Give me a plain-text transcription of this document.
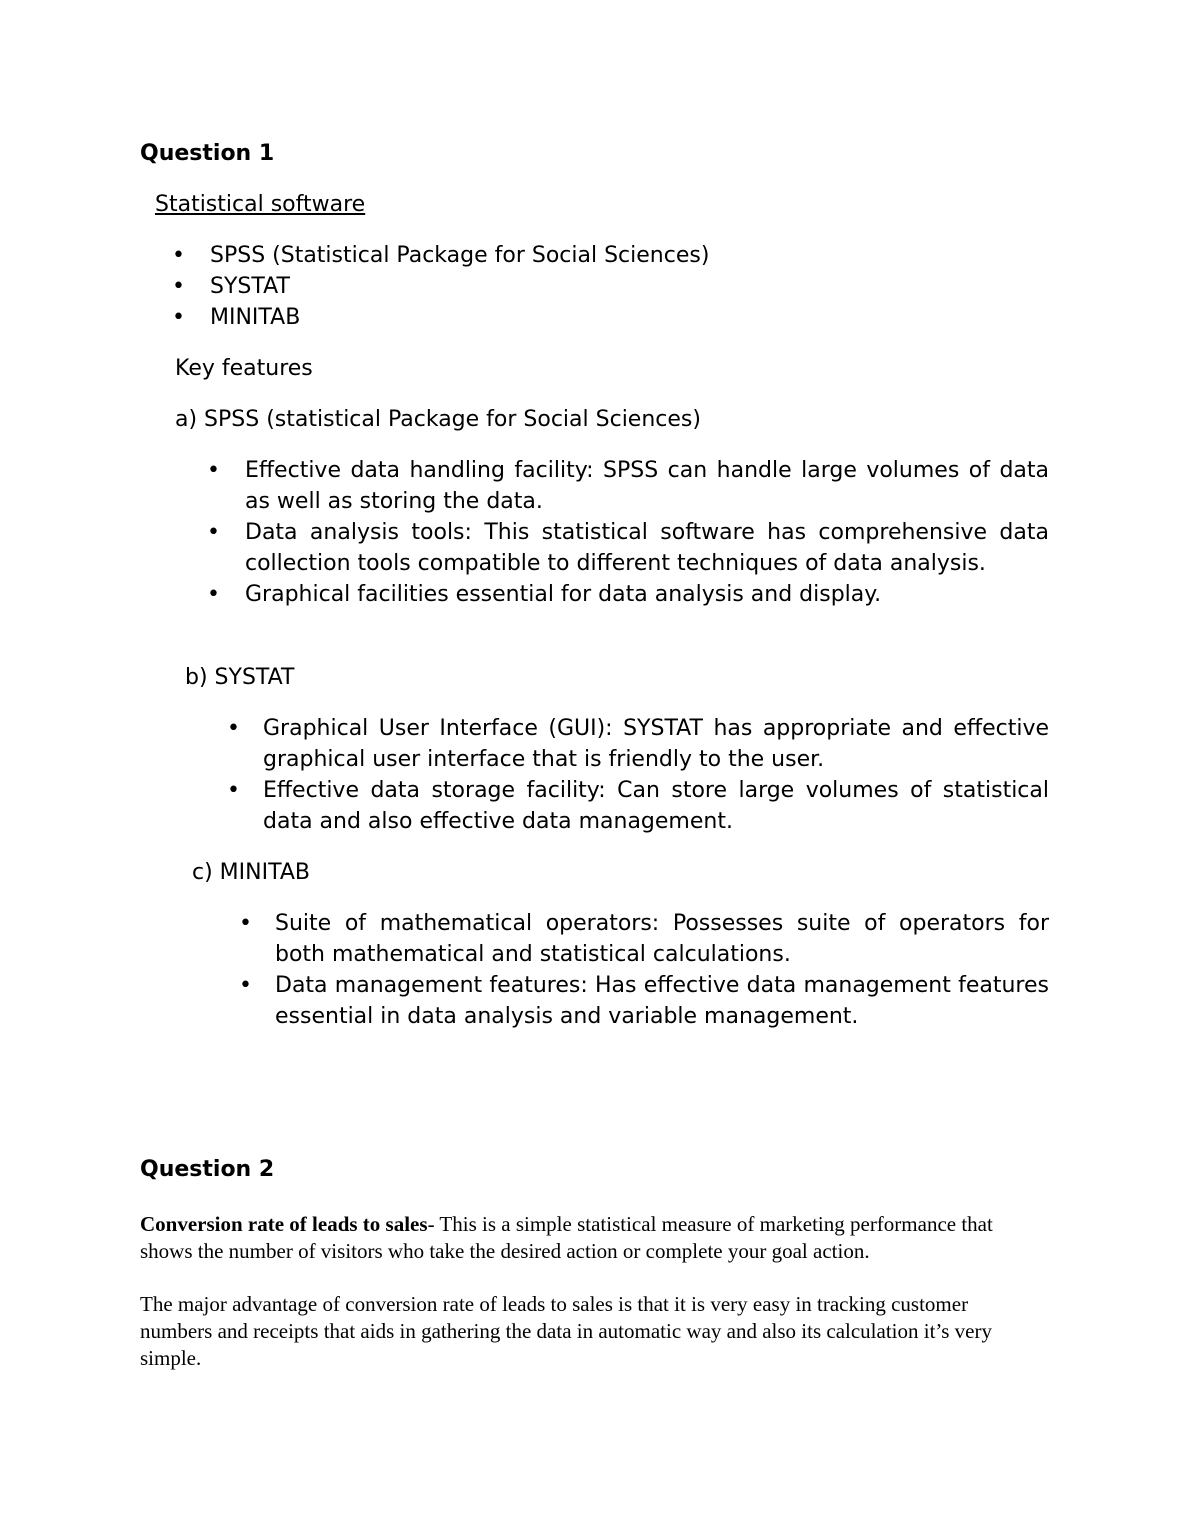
Question 1

Statistical software

• SPSS (Statistical Package for Social Sciences)
• SYSTAT
• MINITAB

Key features

a) SPSS (statistical Package for Social Sciences)

• Effective data handling facility: SPSS can handle large volumes of data as well as storing the data.
• Data analysis tools: This statistical software has comprehensive data collection tools compatible to different techniques of data analysis.
• Graphical facilities essential for data analysis and display.

b) SYSTAT

• Graphical User Interface (GUI): SYSTAT has appropriate and effective graphical user interface that is friendly to the user.
• Effective data storage facility: Can store large volumes of statistical data and also effective data management.

c) MINITAB

• Suite of mathematical operators: Possesses suite of operators for both mathematical and statistical calculations.
• Data management features: Has effective data management features essential in data analysis and variable management.
Question 2

Conversion rate of leads to sales- This is a simple statistical measure of marketing performance that shows the number of visitors who take the desired action or complete your goal action.

The major advantage of conversion rate of leads to sales is that it is very easy in tracking customer numbers and receipts that aids in gathering the data in automatic way and also its calculation it’s very simple.
